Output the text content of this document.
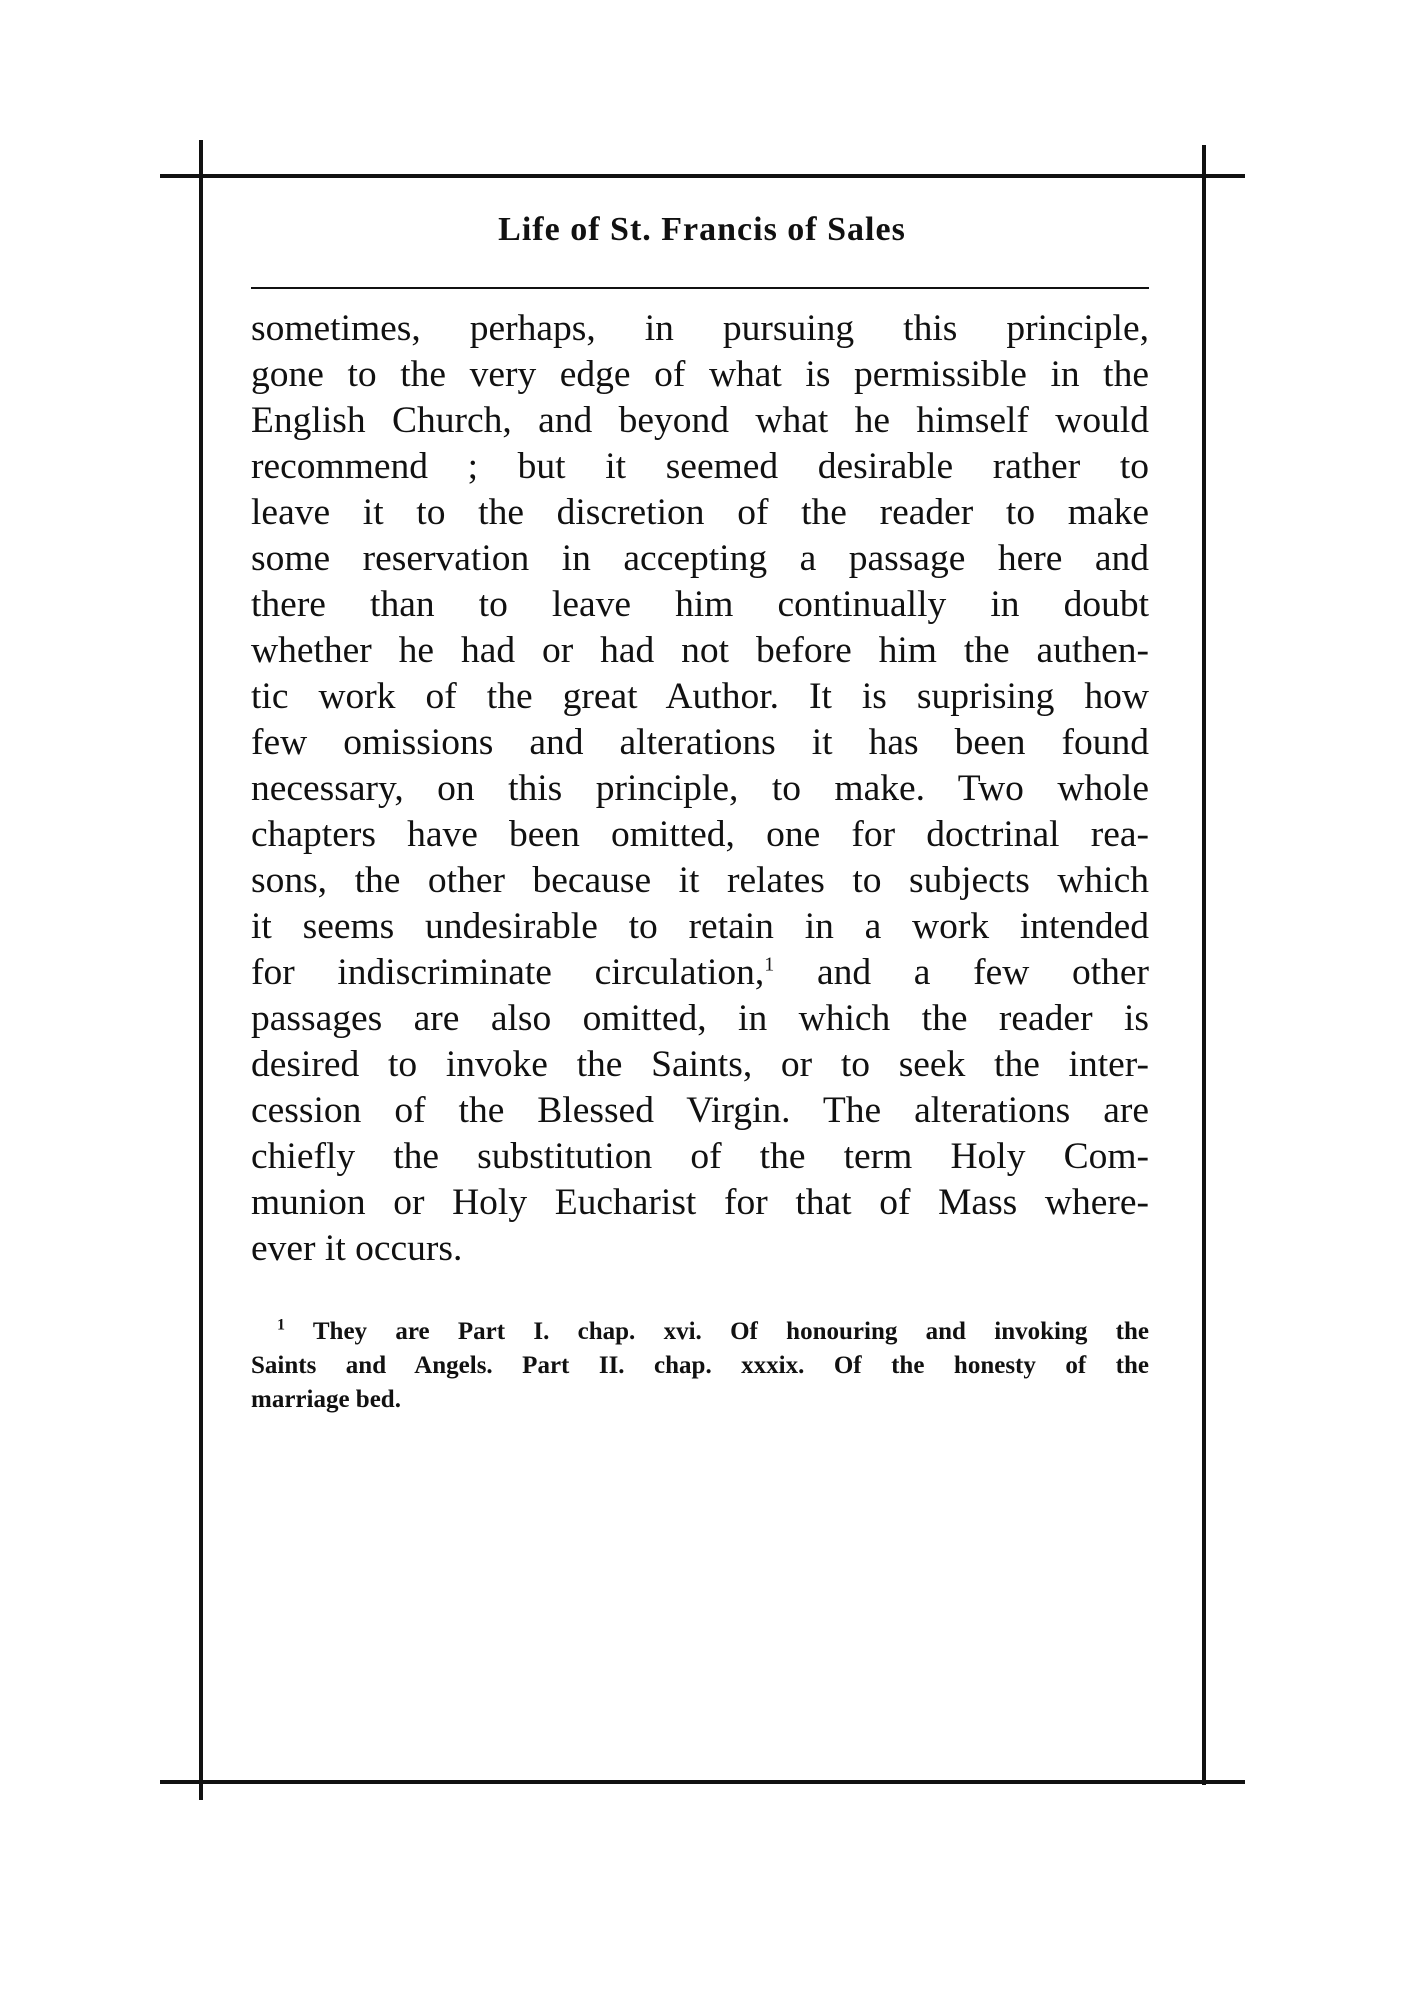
Life of St. Francis of Sales
sometimes, perhaps, in pursuing this principle,
gone to the very edge of what is permissible in the
English Church, and beyond what he himself would
recommend ; but it seemed desirable rather to
leave it to the discretion of the reader to make
some reservation in accepting a passage here and
there than to leave him continually in doubt
whether he had or had not before him the authen-
tic work of the great Author. It is suprising how
few omissions and alterations it has been found
necessary, on this principle, to make. Two whole
chapters have been omitted, one for doctrinal rea-
sons, the other because it relates to subjects which
it seems undesirable to retain in a work intended
for indiscriminate circulation,$^1$ and a few other
passages are also omitted, in which the reader is
desired to invoke the Saints, or to seek the inter-
cession of the Blessed Virgin. The alterations are
chiefly the substitution of the term Holy Com-
munion or Holy Eucharist for that of Mass where-
ever it occurs.
$^1$ They are Part I. chap. xvi. Of honouring and invoking the
Saints and Angels. Part II. chap. xxxix. Of the honesty of the
marriage bed.
